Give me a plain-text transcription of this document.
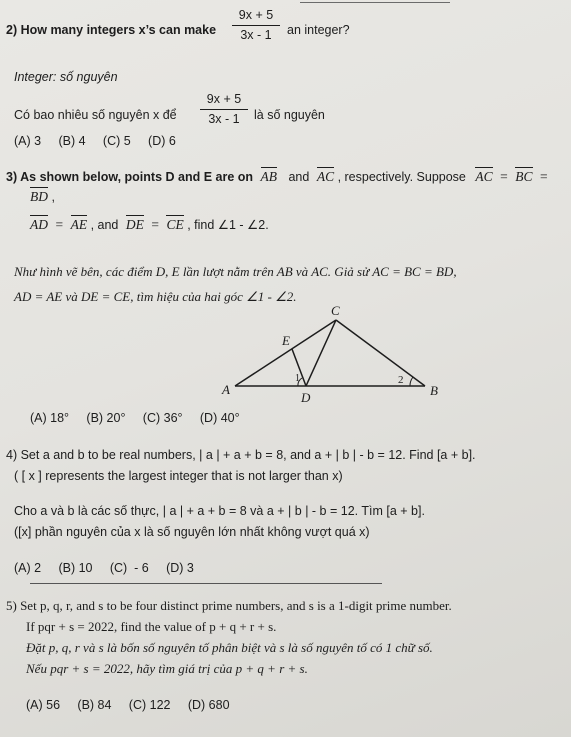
2) How many integers x’s can make $\frac{9x + 5}{3x - 1}$ an integer?
Integer: số nguyên
Có bao nhiêu số nguyên x để $\frac{9x + 5}{3x - 1}$ là số nguyên
(A) 3     (B) 4     (C) 5     (D) 6
3) As shown below, points D and E are on AB and AC , respectively. Suppose AC = BC =
BD ,
AD = AE , and DE = CE , find ∠1 - ∠2.
Như hình vẽ bên, các điểm D, E lần lượt nằm trên AB và AC. Giả sử AC = BC = BD,
AD = AE và DE = CE, tìm hiệu của hai góc ∠1 - ∠2.
A	B
C
D
E
1	2
(A) 18°     (B) 20°     (C) 36°     (D) 40°
4) Set a and b to be real numbers, | a | + a + b = 8, and a + | b | - b = 12. Find [a + b].
( [ x ] represents the largest integer that is not larger than x)
Cho a và b là các số thực, | a | + a + b = 8 và a + | b | - b = 12. Tìm [a + b].
([x] phần nguyên của x là số nguyên lớn nhất không vượt quá x)
(A) 2     (B) 10     (C)  - 6     (D) 3
5) Set p, q, r, and s to be four distinct prime numbers, and s is a 1-digit prime number.
If pqr + s = 2022, find the value of p + q + r + s.
Đặt p, q, r và s là bốn số nguyên tố phân biệt và s là số nguyên tố có 1 chữ số.
Nếu pqr + s = 2022, hãy tìm giá trị của p + q + r + s.
(A) 56     (B) 84     (C) 122     (D) 680
